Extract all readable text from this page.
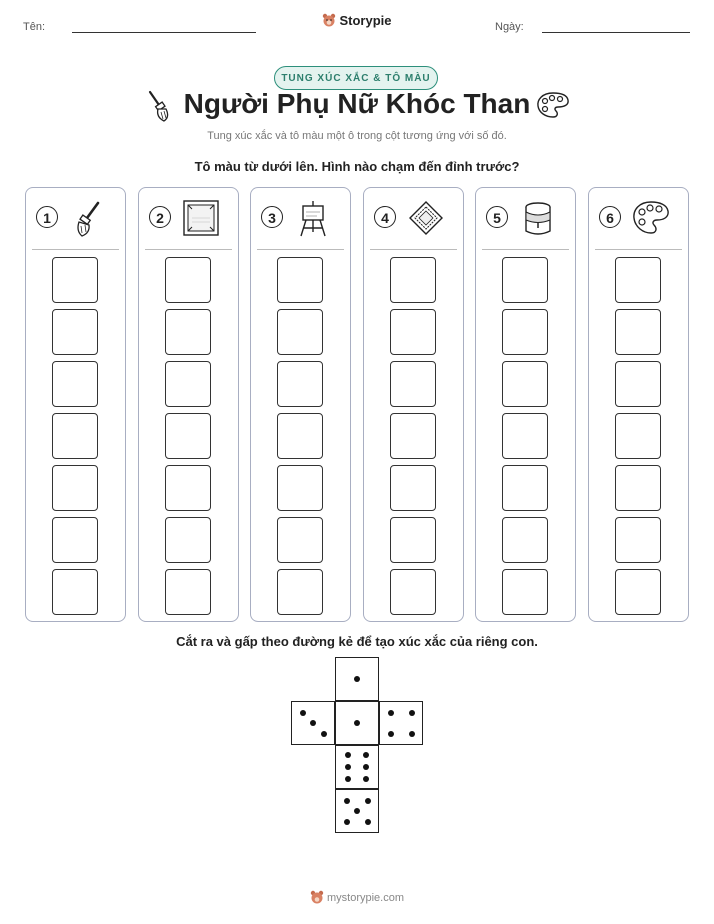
Tên:	Ngày:
Storypie
TUNG XÚC XẮC & TÔ MÀU
Người Phụ Nữ Khóc Than
Tung xúc xắc và tô màu một ô trong cột tương ứng với số đó.
Tô màu từ dưới lên. Hình nào chạm đến đỉnh trước?
1	2	3	4	5	6
Cắt ra và gấp theo đường kẻ để tạo xúc xắc của riêng con.
mystorypie.com
